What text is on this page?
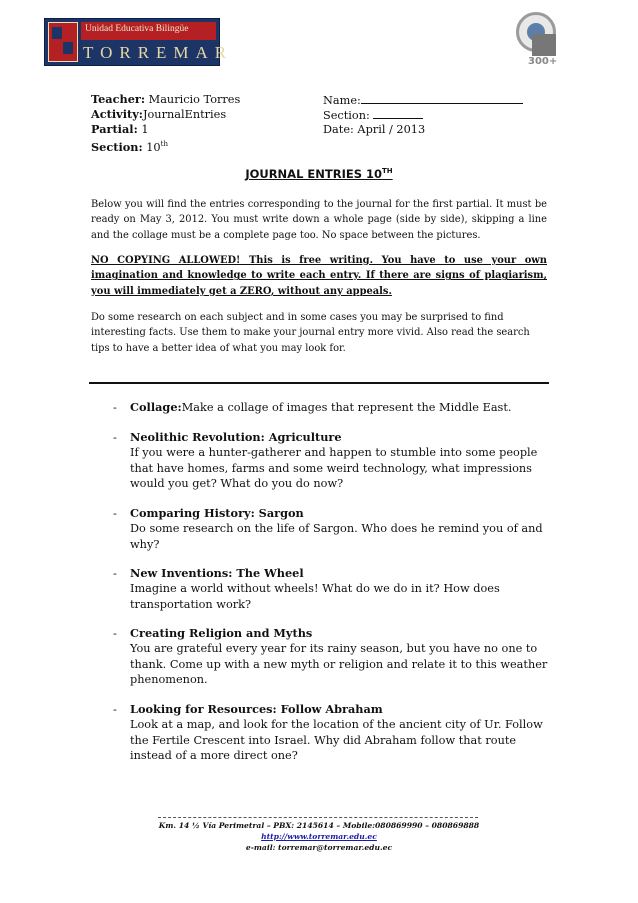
Unidad Educativa Bilingüe
TORREMAR	300+
Teacher: Mauricio Torres
Activity:JournalEntries
Partial: 1
Section: 10th
Name:
Section:
Date: April / 2013
JOURNAL ENTRIES 10TH
Below you will find the entries corresponding to the journal for the first partial. It must be ready on May 3, 2012. You must write down a whole page (side by side), skipping a line and the collage must be a complete page too. No space between the pictures.
NO COPYING ALLOWED! This is free writing. You have to use your own imagination and knowledge to write each entry. If there are signs of plagiarism, you will immediately get a ZERO, without any appeals.
Do some research on each subject and in some cases you may be surprised to find interesting facts. Use them to make your journal entry more vivid. Also read the search tips to have a better idea of what you may look for.
- Collage:Make a collage of images that represent the Middle East.
- Neolithic Revolution: Agriculture
If you were a hunter-gatherer and happen to stumble into some people that have homes, farms and some weird technology, what impressions would you get? What do you do now?
- Comparing History: Sargon
Do some research on the life of Sargon. Who does he remind you of and why?
- New Inventions: The Wheel
Imagine a world without wheels! What do we do in it? How does transportation work?
- Creating Religion and Myths
You are grateful every year for its rainy season, but you have no one to thank. Come up with a new myth or religion and relate it to this weather phenomenon.
- Looking for Resources: Follow Abraham
Look at a map, and look for the location of the ancient city of Ur. Follow the Fertile Crescent into Israel. Why did Abraham follow that route instead of a more direct one?
Km. 14 ½ Vía Perimetral – PBX: 2145614 – Mobile:080869990 – 080869888
http://www.torremar.edu.ec
e-mail: torremar@torremar.edu.ec
